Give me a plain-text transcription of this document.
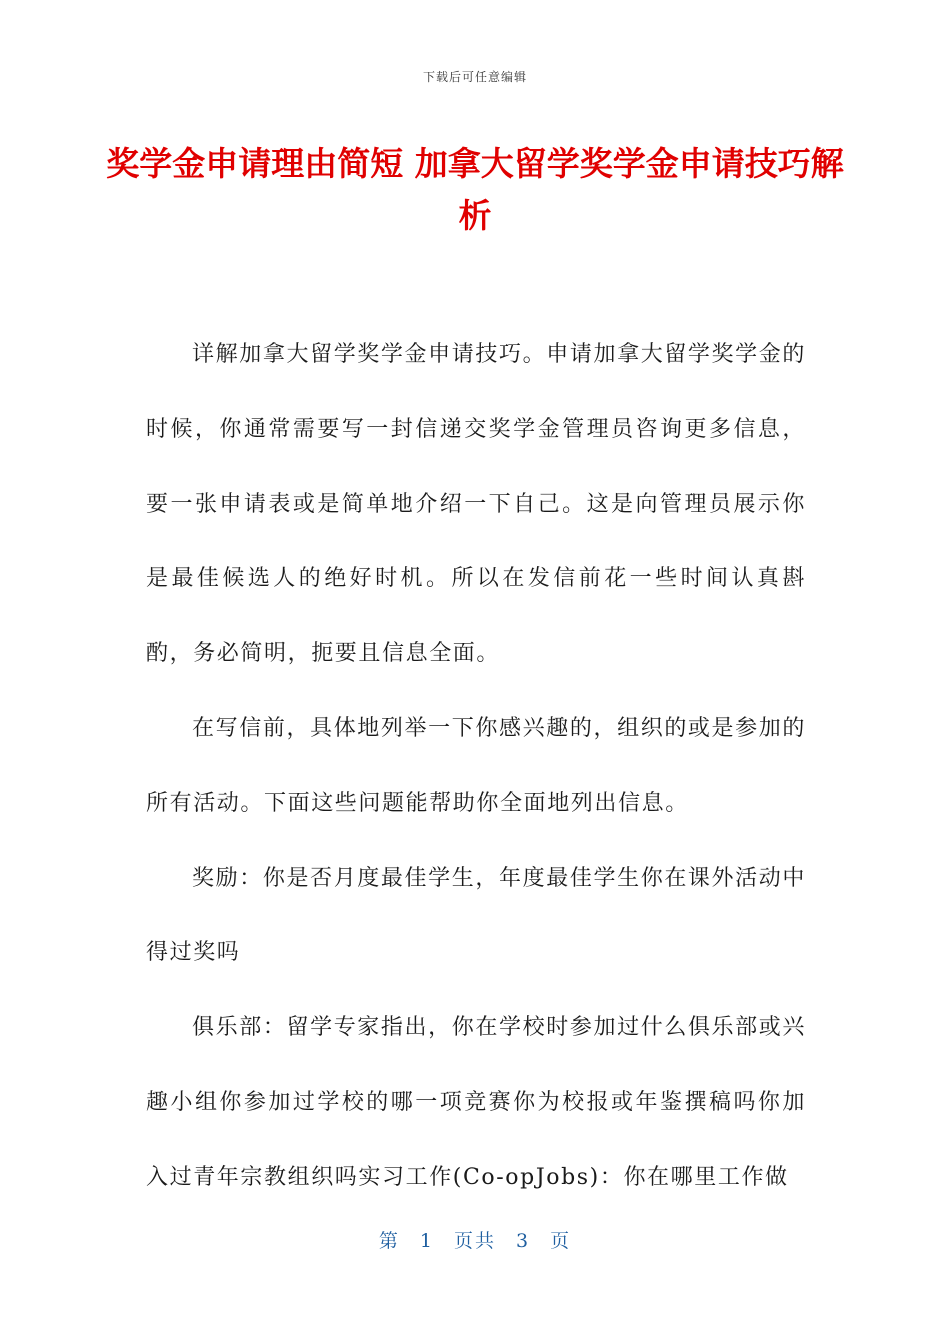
下载后可任意编辑
奖学金申请理由简短 加拿大留学奖学金申请技巧解析

详解加拿大留学奖学金申请技巧。申请加拿大留学奖学金的时候，你通常需要写一封信递交奖学金管理员咨询更多信息，要一张申请表或是简单地介绍一下自己。这是向管理员展示你是最佳候选人的绝好时机。所以在发信前花一些时间认真斟酌，务必简明，扼要且信息全面。

在写信前，具体地列举一下你感兴趣的，组织的或是参加的所有活动。下面这些问题能帮助你全面地列出信息。

奖励：你是否月度最佳学生，年度最佳学生你在课外活动中得过奖吗

俱乐部：留学专家指出，你在学校时参加过什么俱乐部或兴趣小组你参加过学校的哪一项竞赛你为校报或年鉴撰稿吗你加入过青年宗教组织吗实习工作(Co-opJobs)：你在哪里工作做

第 1 页共 3 页
